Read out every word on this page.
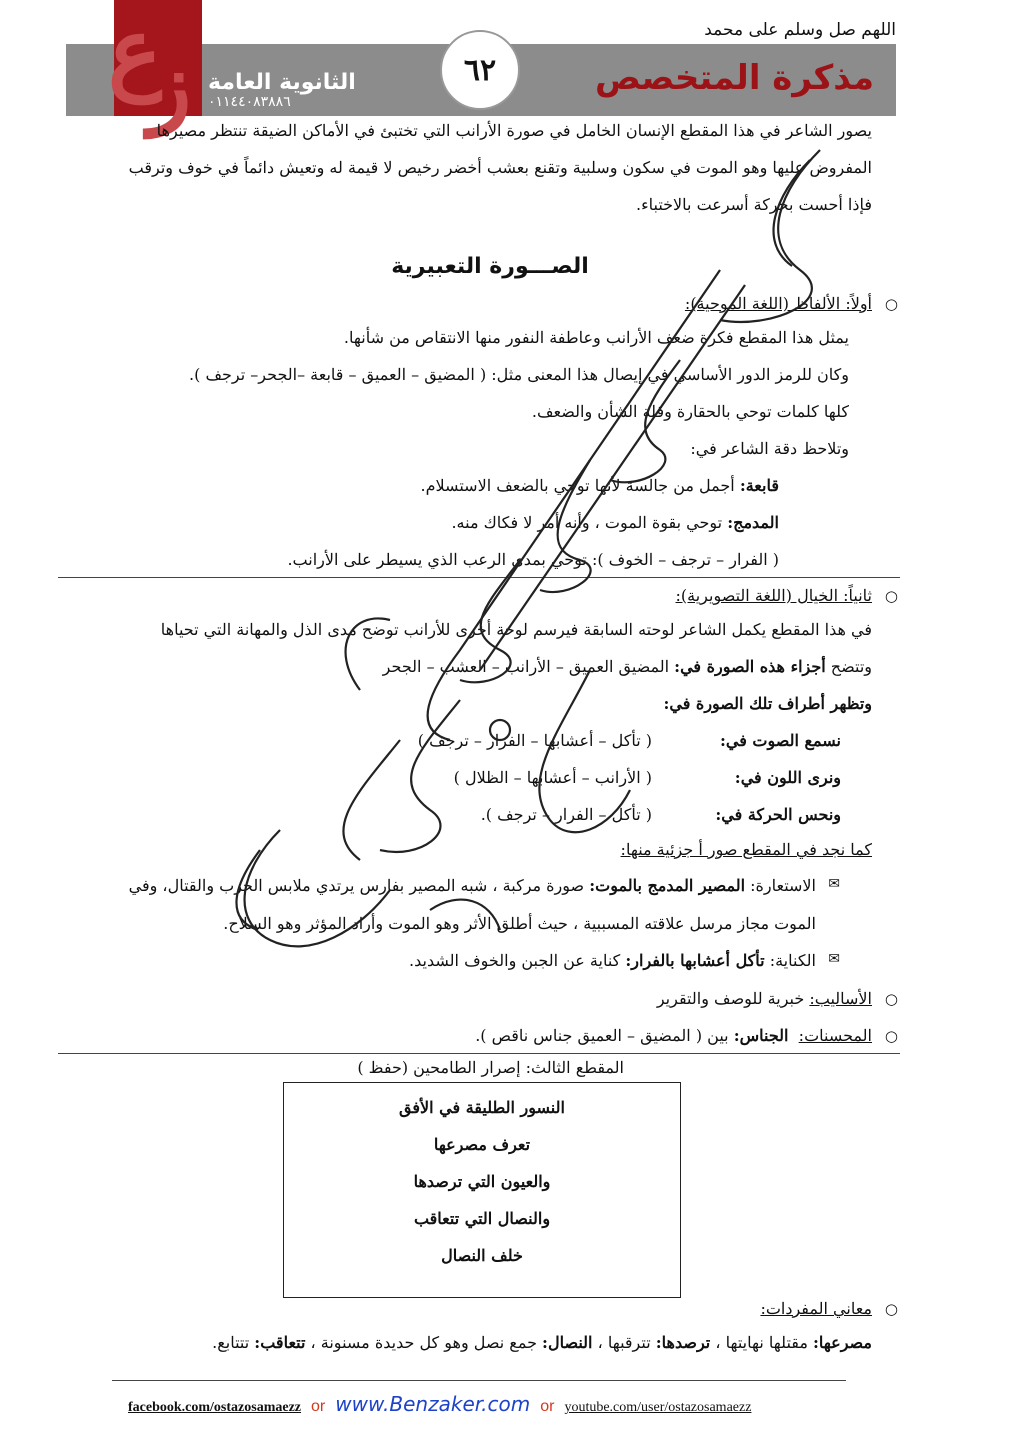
اللهم صل وسلم على محمد
ع
ز الثانوية العامة
٠١١٤٤٠٨٣٨٨٦
٦٢	مذكرة المتخصص
يصور الشاعر في هذا المقطع الإنسان الخامل في صورة الأرانب التي تختبئ في الأماكن الضيقة تنتظر مصيرها
المفروض عليها وهو الموت في سكون وسلبية وتقنع بعشب أخضر رخيص لا قيمة له وتعيش دائماً في خوف وترقب
فإذا أحست بحركة أسرعت بالاختباء.
الصـــورة التعبيرية
أولاً: الألفاظ (اللغة الموحية): ○
يمثل هذا المقطع فكرة ضعف الأرانب وعاطفة النفور منها الانتقاص من شأنها.
وكان للرمز الدور الأساسي في إيصال هذا المعنى مثل: ( المضيق – العميق – قابعة –الجحر– ترجف ).
كلها كلمات توحي بالحقارة وقلة الشأن والضعف.
وتلاحظ دقة الشاعر في:
قابعة: أجمل من جالسة لأنها توحي بالضعف الاستسلام.
المدمج: توحي بقوة الموت ، وأنه أمر لا فكاك منه.
( الفرار – ترجف – الخوف ): توحي بمدى الرعب الذي يسيطر على الأرانب.
ثانياً: الخيال (اللغة التصويرية): ○
في هذا المقطع يكمل الشاعر لوحته السابقة فيرسم لوحة أخرى للأرانب توضح مدى الذل والمهانة التي تحياها
وتتضح أجزاء هذه الصورة في: المضيق العميق – الأرانب – العشب – الجحر
وتظهر أطراف تلك الصورة في:
نسمع الصوت في:
( تأكل – أعشابها – الفرار – ترجف )
ونرى اللون في:
( الأرانب – أعشابها – الظلال )
ونحس الحركة في:
( تأكل – الفرار – ترجف ).
كما نجد في المقطع صور أ جزئية منها:
الاستعارة: المصير المدمج بالموت: صورة مركبة ، شبه المصير بفارس يرتدي ملابس الحرب والقتال، وفي ✉
الموت مجاز مرسل علاقته المسببية ، حيث أطلق الأثر وهو الموت وأراد المؤثر وهو السلاح.
الكناية: تأكل أعشابها بالفرار: كناية عن الجبن والخوف الشديد. ✉
الأساليب: خبرية للوصف والتقرير ○
المحسنات:  الجناس: بين ( المضيق – العميق جناس ناقص ). ○
المقطع الثالث: إصرار الطامحين (حفظ )
النسور الطليقة في الأفق
تعرف مصرعها
والعيون التي ترصدها
والنصال التي تتعاقب
خلف النصال
معاني المفردات: ○
مصرعها: مقتلها نهايتها ، ترصدها: تترقبها ، النصال: جمع نصل وهو كل حديدة مسنونة ، تتعاقب: تتتابع.
facebook.com/ostazosamaezz or www.Benzaker.com or youtube.com/user/ostazosamaezz
